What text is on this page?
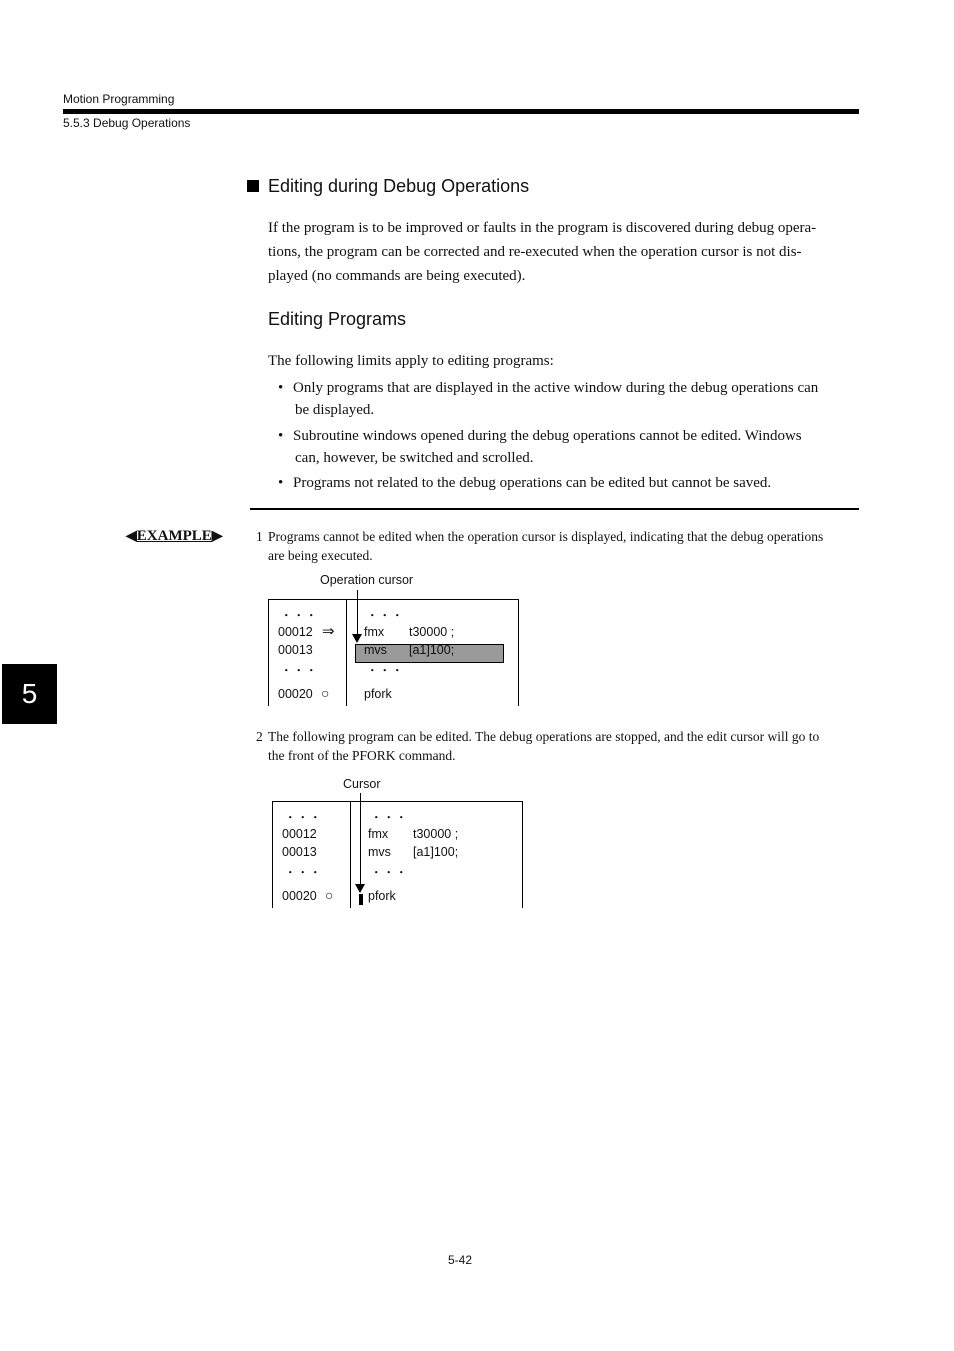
Motion Programming
5.5.3 Debug Operations
5
Editing during Debug Operations
If the program is to be improved or faults in the program is discovered during debug opera-
tions, the program can be corrected and re-executed when the operation cursor is not dis-
played (no commands are being executed).
Editing Programs
The following limits apply to editing programs:
• Only programs that are displayed in the active window during the debug operations can
be displayed.
• Subroutine windows opened during the debug operations cannot be edited. Windows
can, however, be switched and scrolled.
• Programs not related to the debug operations can be edited but cannot be saved.
◀ EXAMPLE ▶ 1 Programs cannot be edited when the operation cursor is displayed, indicating that the debug operations
are being executed.
Operation cursor
・・・	・・・
00012 ⇒ fmx t30000 ;
00013	mvs [a1]100;
・・・	・・・
00020 ○	pfork
2 The following program can be edited. The debug operations are stopped, and the edit cursor will go to
the front of the PFORK command.
Cursor
・・・	・・・
00012	fmx t30000 ;
00013	mvs [a1]100;
・・・	・・・
00020 ○	pfork
5-42
